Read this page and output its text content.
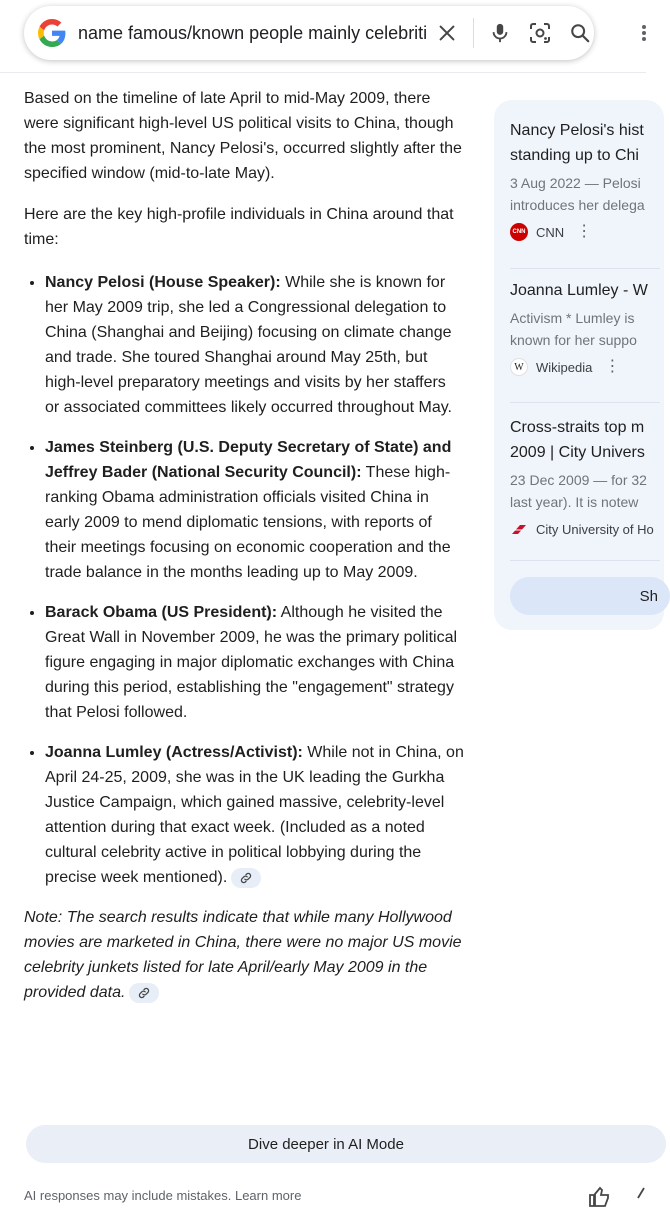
name famous/known people mainly celebriti

Based on the timeline of late April to mid-May 2009, there were significant high-level US political visits to China, though the most prominent, Nancy Pelosi's, occurred slightly after the specified window (mid-to-late May).

Here are the key high-profile individuals in China around that time:

• Nancy Pelosi (House Speaker): While she is known for her May 2009 trip, she led a Congressional delegation to China (Shanghai and Beijing) focusing on climate change and trade. She toured Shanghai around May 25th, but high-level preparatory meetings and visits by her staffers or associated committees likely occurred throughout May.
• James Steinberg (U.S. Deputy Secretary of State) and Jeffrey Bader (National Security Council): These high-ranking Obama administration officials visited China in early 2009 to mend diplomatic tensions, with reports of their meetings focusing on economic cooperation and the trade balance in the months leading up to May 2009.
• Barack Obama (US President): Although he visited the Great Wall in November 2009, he was the primary political figure engaging in major diplomatic exchanges with China during this period, establishing the "engagement" strategy that Pelosi followed.
• Joanna Lumley (Actress/Activist): While not in China, on April 24-25, 2009, she was in the UK leading the Gurkha Justice Campaign, which gained massive, celebrity-level attention during that exact week. (Included as a noted cultural celebrity active in political lobbying during the precise week mentioned).

Note: The search results indicate that while many Hollywood movies are marketed in China, there were no major US movie celebrity junkets listed for late April/early May 2009 in the provided data.

Nancy Pelosi's hist
standing up to Chi
3 Aug 2022 — Pelosi
introduces her delega
CNN CNN ⋮
Joanna Lumley - W
Activism * Lumley is
known for her suppo
W Wikipedia ⋮
Cross-straits top m
2009 | City Univers
23 Dec 2009 — for 32
last year). It is notew
City University of Ho
Sh
Dive deeper in AI Mode
AI responses may include mistakes. Learn more
